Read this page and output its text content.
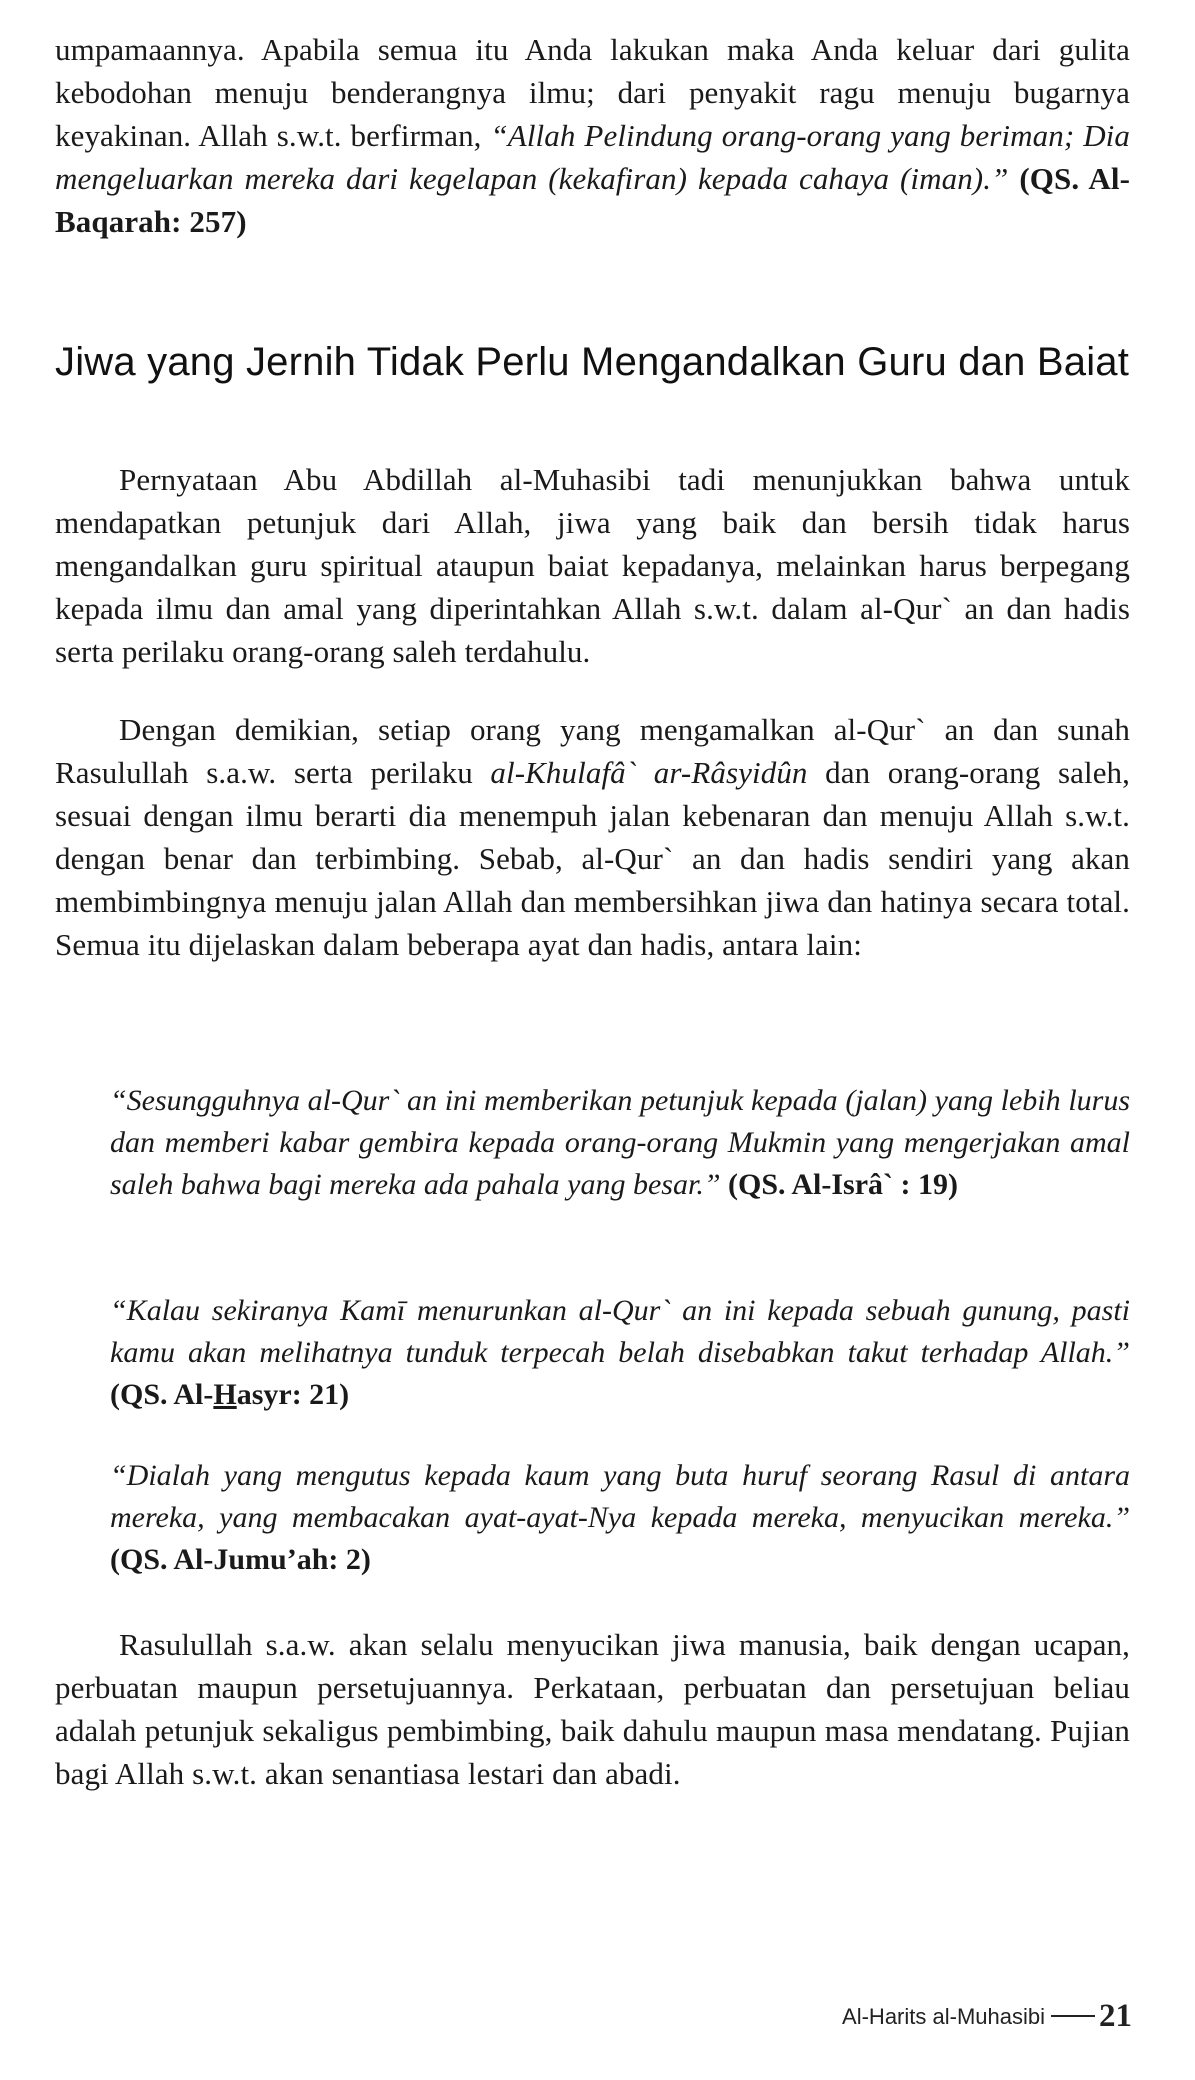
umpamaannya. Apabila semua itu Anda lakukan maka Anda keluar dari gulita kebodohan menuju benderangnya ilmu; dari penyakit ragu menuju bugarnya keyakinan. Allah s.w.t. berfirman, “Allah Pelindung orang-orang yang beriman; Dia mengeluarkan mereka dari kegelapan (kekafiran) kepada cahaya (iman).” (QS. Al-Baqarah: 257)

Jiwa yang Jernih Tidak Perlu Mengandalkan Guru dan Baiat

Pernyataan Abu Abdillah al-Muhasibi tadi menunjukkan bahwa untuk mendapatkan petunjuk dari Allah, jiwa yang baik dan bersih tidak harus mengandalkan guru spiritual ataupun baiat kepadanya, melainkan harus berpegang kepada ilmu dan amal yang diperintahkan Allah s.w.t. dalam al-Qur` an dan hadis serta perilaku orang-orang saleh terdahulu.

Dengan demikian, setiap orang yang mengamalkan al-Qur` an dan sunah Rasulullah s.a.w. serta perilaku al-Khulafâ` ar-Râsyidûn dan orang-orang saleh, sesuai dengan ilmu berarti dia menempuh jalan kebenaran dan menuju Allah s.w.t. dengan benar dan terbimbing. Sebab, al-Qur` an dan hadis sendiri yang akan membimbingnya menuju jalan Allah dan membersihkan jiwa dan hatinya secara total. Semua itu dijelaskan dalam beberapa ayat dan hadis, antara lain:

“Sesungguhnya al-Qur` an ini memberikan petunjuk kepada (jalan) yang lebih lurus dan memberi kabar gembira kepada orang-orang Mukmin yang mengerjakan amal saleh bahwa bagi mereka ada pahala yang besar.” (QS. Al-Isrâ` : 19)

“Kalau sekiranya Kamī menurunkan al-Qur` an ini kepada sebuah gunung, pasti kamu akan melihatnya tunduk terpecah belah disebabkan takut terhadap Allah.” (QS. Al-Hasyr: 21)

“Dialah yang mengutus kepada kaum yang buta huruf seorang Rasul di antara mereka, yang membacakan ayat-ayat-Nya kepada mereka, menyucikan mereka.” (QS. Al-Jumu’ah: 2)

Rasulullah s.a.w. akan selalu menyucikan jiwa manusia, baik dengan ucapan, perbuatan maupun persetujuannya. Perkataan, perbuatan dan persetujuan beliau adalah petunjuk sekaligus pembimbing, baik dahulu maupun masa mendatang. Pujian bagi Allah s.w.t. akan senantiasa lestari dan abadi.

Al-Harits al-Muhasibi 21
